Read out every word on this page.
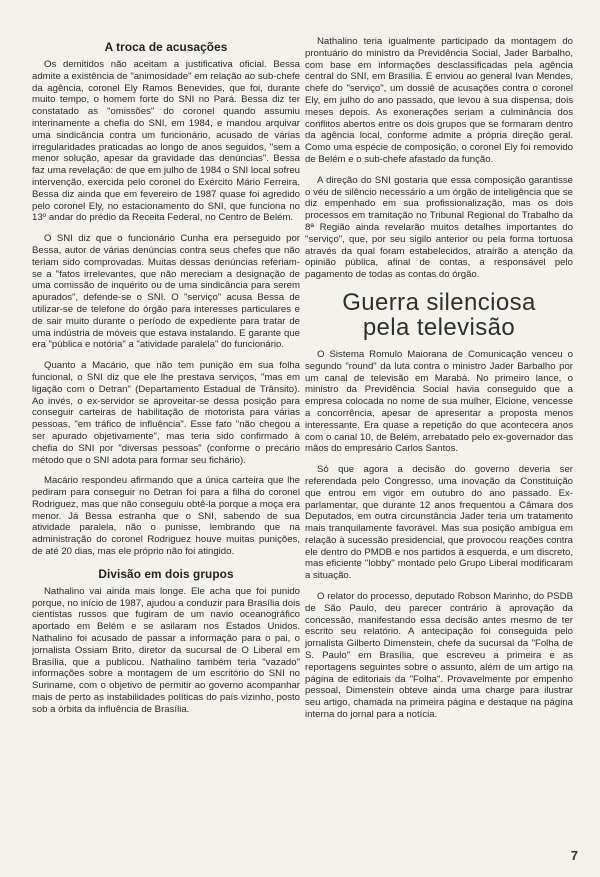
A troca de acusações

Os demitidos não aceitam a justificativa oficial. Bessa admite a existência de "animosidade" em relação ao sub-chefe da agência, coronel Ely Ramos Benevides, que foi, durante muito tempo, o homem forte do SNI no Pará. Bessa diz ter constatado as "omissões" do coronel quando assumiu interinamente a chefia do SNI, em 1984, e mandou arquivar uma sindicância contra um funcionário, acusado de várias irregularidades praticadas ao longo de anos seguidos, "sem a menor solução, apesar da gravidade das denúncias". Bessa faz uma revelação: de que em julho de 1984 o SNI local sofreu intervenção, exercida pelo coronel do Exército Mário Ferreira. Bessa diz ainda que em fevereiro de 1987 quase foi agredido pelo coronel Ely, no estacionamento do SNI, que funciona no 13º andar do prédio da Receita Federal, no Centro de Belém.

O SNI diz que o funcionário Cunha era perseguido por Bessa, autor de várias denúncias contra seus chefes que não teriam sido comprovadas. Muitas dessas denúncias referiam-se a "fatos irrelevantes, que não mereciam a designação de uma comissão de inquérito ou de uma sindicância para serem apurados", defende-se o SNI. O "serviço" acusa Bessa de utilizar-se de telefone do órgão para interesses particulares e de sair muito durante o período de expediente para tratar de uma indústria de móveis que estava instalando. E garante que era "pública e notória" a "atividade paralela" do funcionário.

Quanto a Macário, que não tem punição em sua folha funcional, o SNI diz que ele lhe prestava serviços, "mas em ligação com o Detran" (Departamento Estadual de Trânsito). Ao invés, o ex-servidor se aproveitar-se dessa posição para conseguir carteiras de habilitação de motorista para várias pessoas, "em tráfico de influência". Esse fato "não chegou a ser apurado objetivamente", mas teria sido confirmado à chefia do SNI por "diversas pessoas" (conforme o precário método que o SNI adota para formar seu fichário).

Macário respondeu afirmando que a única carteira que lhe pediram para conseguir no Detran foi para a filha do coronel Rodriguez, mas que não conseguiu obtê-la porque a moça era menor. Já Bessa estranha que o SNI, sabendo de sua atividade paralela, não o punisse, lembrando que na administração do coronel Rodriguez houve muitas punições, de até 20 dias, mas ele próprio não foi atingido.

Divisão em dois grupos

Nathalino vai ainda mais longe. Ele acha que foi punido porque, no início de 1987, ajudou a conduzir para Brasília dois cientistas russos que fugiram de um navio oceanográfico aportado em Belém e se asilaram nos Estados Unidos. Nathalino foi acusado de passar a informação para o pai, o jornalista Ossiam Brito, diretor da sucursal de O Liberal em Brasília, que a publicou. Nathalino também teria "vazado" informações sobre a montagem de um escritório do SNI no Suriname, com o objetivo de permitir ao governo acompanhar mais de perto as instabilidades políticas do país vizinho, posto sob a órbita da influência de Brasília.

Nathalino teria igualmente participado da montagem do prontuário do ministro da Previdência Social, Jader Barbalho, com base em informações desclassificadas pela agência central do SNI, em Brasília. E enviou ao general Ivan Mendes, chefe do "serviço", um dossiê de acusações contra o coronel Ely, em julho do ano passado, que levou à sua dispensa, dois meses depois. As exonerações seriam a culminância dos conflitos abertos entre os dois grupos que se formaram dentro da agência local, conforme admite a própria direção geral. Como uma espécie de composição, o coronel Ely foi removido de Belém e o sub-chefe afastado da função.

A direção do SNI gostaria que essa composição garantisse o véu de silêncio necessário a um órgão de inteligência que se diz empenhado em sua profissionalização, mas os dois processos em tramitação no Tribunal Regional do Trabalho da 8ª Região ainda revelarão muitos detalhes importantes do "serviço", que, por seu sigilo anterior ou pela forma tortuosa através da qual foram estabelecidos, atrairão a atenção da opinião pública, afinal de contas, a responsável pelo pagamento de todas as contas do órgão.

Guerra silenciosa
pela televisão

O Sistema Romulo Maiorana de Comunicação venceu o segundo "round" da luta contra o ministro Jader Barbalho por um canal de televisão em Marabá. No primeiro lance, o ministro da Previdência Social havia conseguido que a empresa colocada no nome de sua mulher, Elcione, vencesse a concorrência, apesar de apresentar a proposta menos interessante. Era quase a repetição do que acontecera anos com o canal 10, de Belém, arrebatado pelo ex-governador das mãos do empresário Carlos Santos.

Só que agora a decisão do governo deveria ser referendada pelo Congresso, uma inovação da Constituição que entrou em vigor em outubro do ano passado. Ex-parlamentar, que durante 12 anos frequentou a Câmara dos Deputados, em outra circunstância Jader teria um tratamento mais tranquilamente favorável. Mas sua posição ambígua em relação à sucessão presidencial, que provocou reações contra ele dentro do PMDB e nos partidos à esquerda, e um discreto, mas eficiente "lobby" montado pelo Grupo Liberal modificaram a situação.

O relator do processo, deputado Robson Marinho, do PSDB de São Paulo, deu parecer contrário à aprovação da concessão, manifestando essa decisão antes mesmo de ter escrito seu relatório. A antecipação foi conseguida pelo jornalista Gilberto Dimenstein, chefe da sucursal da "Folha de S. Paulo" em Brasília, que escreveu a primeira e as reportagens seguintes sobre o assunto, além de um artigo na página de editoriais da "Folha". Provavelmente por empenho pessoal, Dimenstein obteve ainda uma charge para ilustrar seu artigo, chamada na primeira página e destaque na página interna do jornal para a notícia.

7
